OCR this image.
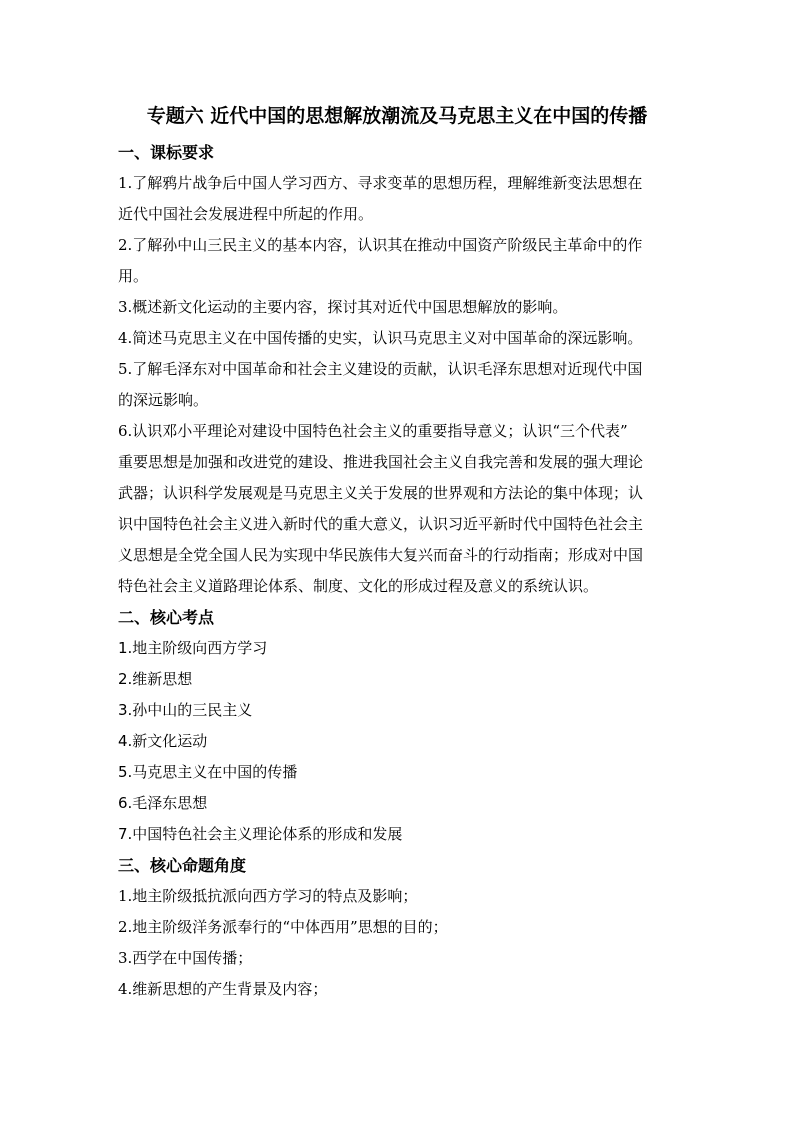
专题六 近代中国的思想解放潮流及马克思主义在中国的传播
一、课标要求

1.了解鸦片战争后中国人学习西方、寻求变革的思想历程，理解维新变法思想在
近代中国社会发展进程中所起的作用。

2.了解孙中山三民主义的基本内容，认识其在推动中国资产阶级民主革命中的作
用。

3.概述新文化运动的主要内容，探讨其对近代中国思想解放的影响。

4.简述马克思主义在中国传播的史实，认识马克思主义对中国革命的深远影响。

5.了解毛泽东对中国革命和社会主义建设的贡献，认识毛泽东思想对近现代中国
的深远影响。

6.认识邓小平理论对建设中国特色社会主义的重要指导意义；认识“三个代表”
重要思想是加强和改进党的建设、推进我国社会主义自我完善和发展的强大理论
武器；认识科学发展观是马克思主义关于发展的世界观和方法论的集中体现；认
识中国特色社会主义进入新时代的重大意义，认识习近平新时代中国特色社会主
义思想是全党全国人民为实现中华民族伟大复兴而奋斗的行动指南；形成对中国
特色社会主义道路理论体系、制度、文化的形成过程及意义的系统认识。

二、核心考点

1.地主阶级向西方学习

2.维新思想

3.孙中山的三民主义

4.新文化运动

5.马克思主义在中国的传播

6.毛泽东思想

7.中国特色社会主义理论体系的形成和发展

三、核心命题角度

1.地主阶级抵抗派向西方学习的特点及影响；

2.地主阶级洋务派奉行的“中体西用”思想的目的；

3.西学在中国传播；

4.维新思想的产生背景及内容；
